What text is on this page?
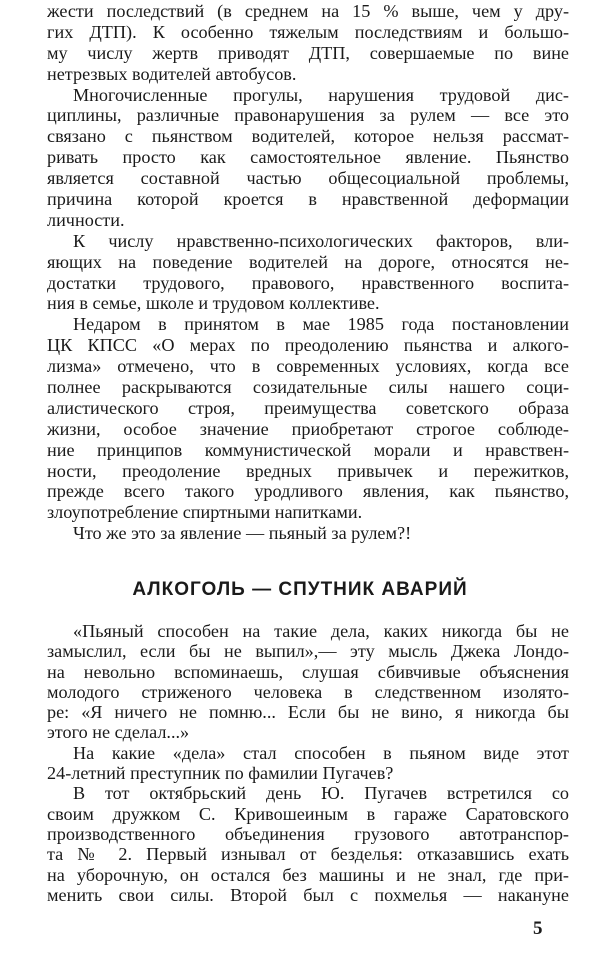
жести последствий (в среднем на 15 % выше, чем у дру-
гих ДТП). К особенно тяжелым последствиям и большо-
му числу жертв приводят ДТП, совершаемые по вине
нетрезвых водителей автобусов.
Многочисленные прогулы, нарушения трудовой дис-
циплины, различные правонарушения за рулем — все это
связано с пьянством водителей, которое нельзя рассмат-
ривать просто как самостоятельное явление. Пьянство
является составной частью общесоциальной проблемы,
причина которой кроется в нравственной деформации
личности.
К числу нравственно-психологических факторов, вли-
яющих на поведение водителей на дороге, относятся не-
достатки трудового, правового, нравственного воспита-
ния в семье, школе и трудовом коллективе.
Недаром в принятом в мае 1985 года постановлении
ЦК КПСС «О мерах по преодолению пьянства и алкого-
лизма» отмечено, что в современных условиях, когда все
полнее раскрываются созидательные силы нашего соци-
алистического строя, преимущества советского образа
жизни, особое значение приобретают строгое соблюде-
ние принципов коммунистической морали и нравствен-
ности, преодоление вредных привычек и пережитков,
прежде всего такого уродливого явления, как пьянство,
злоупотребление спиртными напитками.
Что же это за явление — пьяный за рулем?!
АЛКОГОЛЬ — СПУТНИК АВАРИЙ
«Пьяный способен на такие дела, каких никогда бы не
замыслил, если бы не выпил»,— эту мысль Джека Лондо-
на невольно вспоминаешь, слушая сбивчивые объяснения
молодого стриженого человека в следственном изолято-
ре: «Я ничего не помню... Если бы не вино, я никогда бы
этого не сделал...»
На какие «дела» стал способен в пьяном виде этот
24-летний преступник по фамилии Пугачев?
В тот октябрьский день Ю. Пугачев встретился со
своим дружком С. Кривошеиным в гараже Саратовского
производственного объединения грузового автотранспор-
та № 2. Первый изнывал от безделья: отказавшись ехать
на уборочную, он остался без машины и не знал, где при-
менить свои силы. Второй был с похмелья — накануне
5
